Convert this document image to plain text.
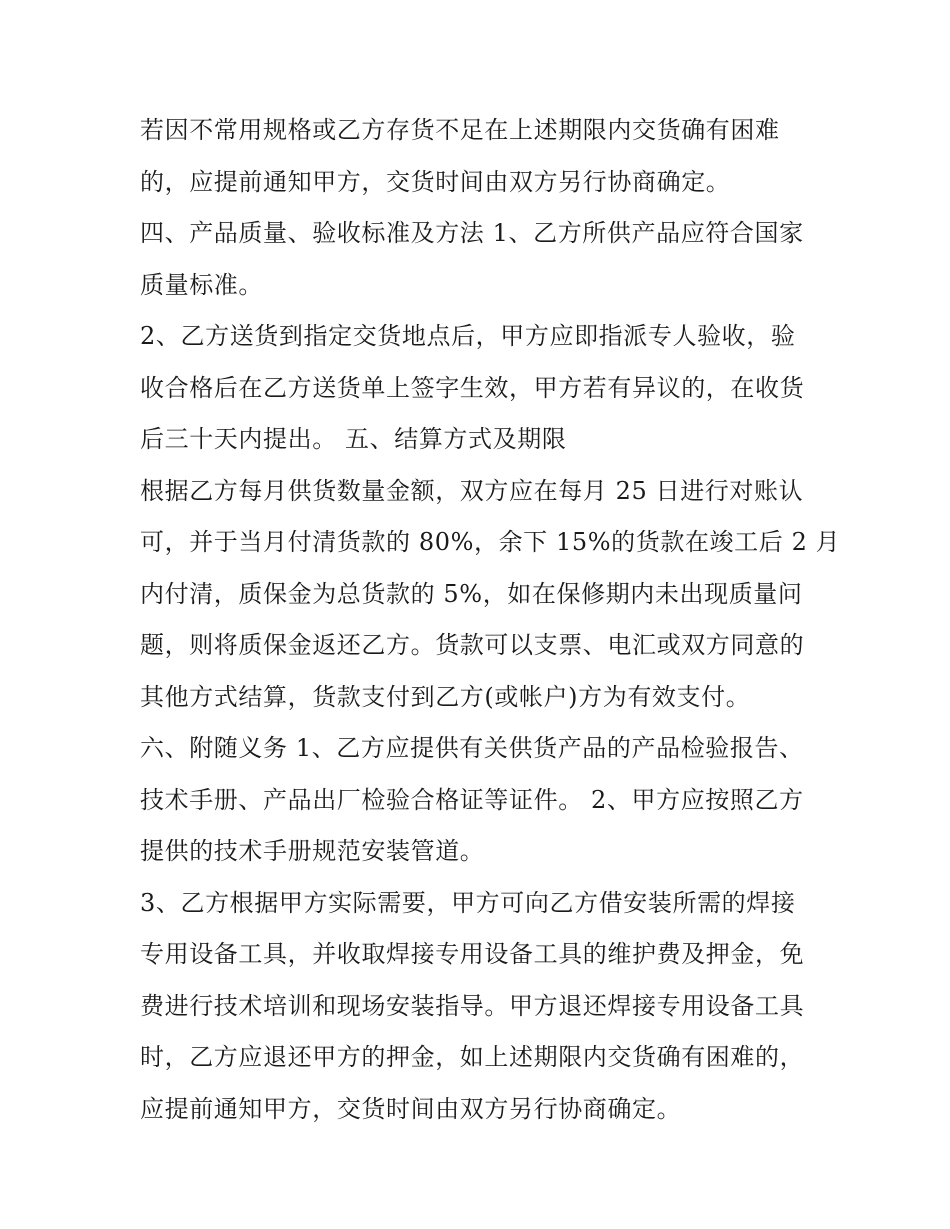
若因不常用规格或乙方存货不足在上述期限内交货确有困难
的，应提前通知甲方，交货时间由双方另行协商确定。
四、产品质量、验收标准及方法 1、乙方所供产品应符合国家
质量标准。
2、乙方送货到指定交货地点后，甲方应即指派专人验收，验
收合格后在乙方送货单上签字生效，甲方若有异议的，在收货
后三十天内提出。 五、结算方式及期限
根据乙方每月供货数量金额，双方应在每月 25 日进行对账认
可，并于当月付清货款的 80%，余下 15%的货款在竣工后 2 月
内付清，质保金为总货款的 5%，如在保修期内未出现质量问
题，则将质保金返还乙方。货款可以支票、电汇或双方同意的
其他方式结算，货款支付到乙方(或帐户)方为有效支付。
六、附随义务 1、乙方应提供有关供货产品的产品检验报告、
技术手册、产品出厂检验合格证等证件。 2、甲方应按照乙方
提供的技术手册规范安装管道。
3、乙方根据甲方实际需要，甲方可向乙方借安装所需的焊接
专用设备工具，并收取焊接专用设备工具的维护费及押金，免
费进行技术培训和现场安装指导。甲方退还焊接专用设备工具
时，乙方应退还甲方的押金，如上述期限内交货确有困难的，
应提前通知甲方，交货时间由双方另行协商确定。
